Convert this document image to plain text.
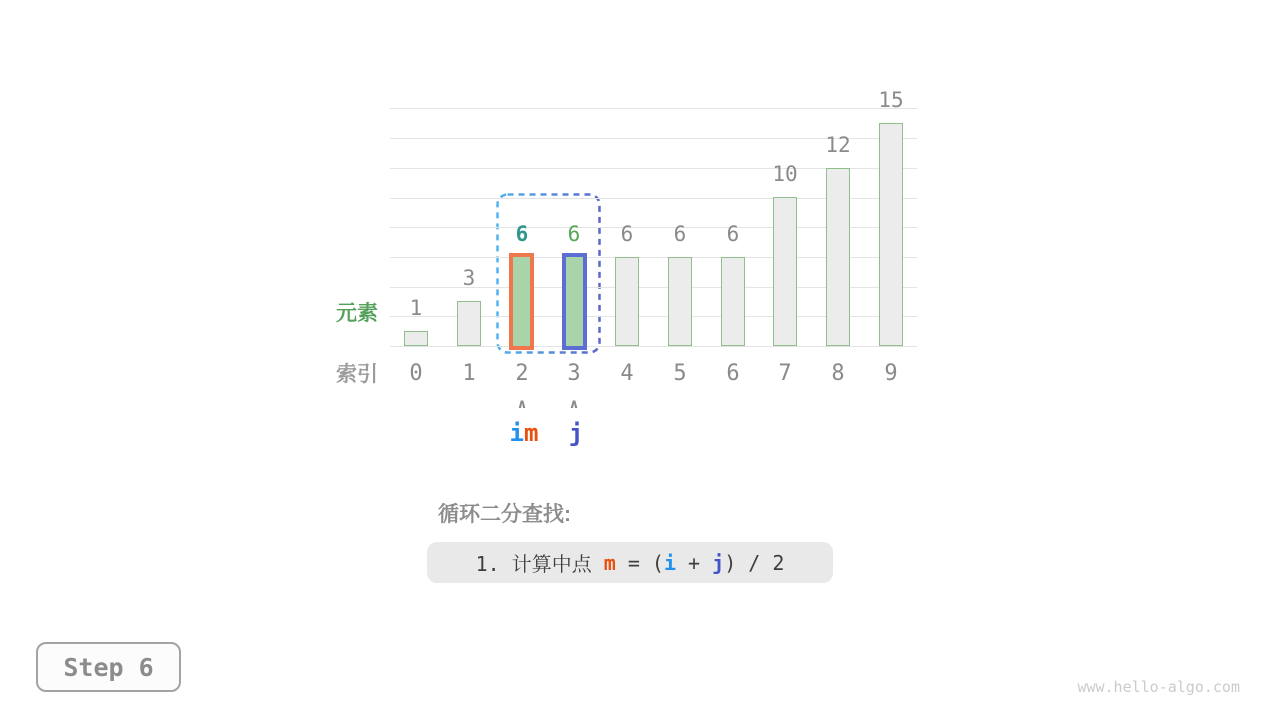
1
0
3
1
6
2
6
3
6
4
6
5
6
6
10
7
12
8
15
9
∧
im
∧
j
元素
索引
循环二分查找:
1. 计算中点 m = ( i + j ) / 2
Step 6
www.hello-algo.com
